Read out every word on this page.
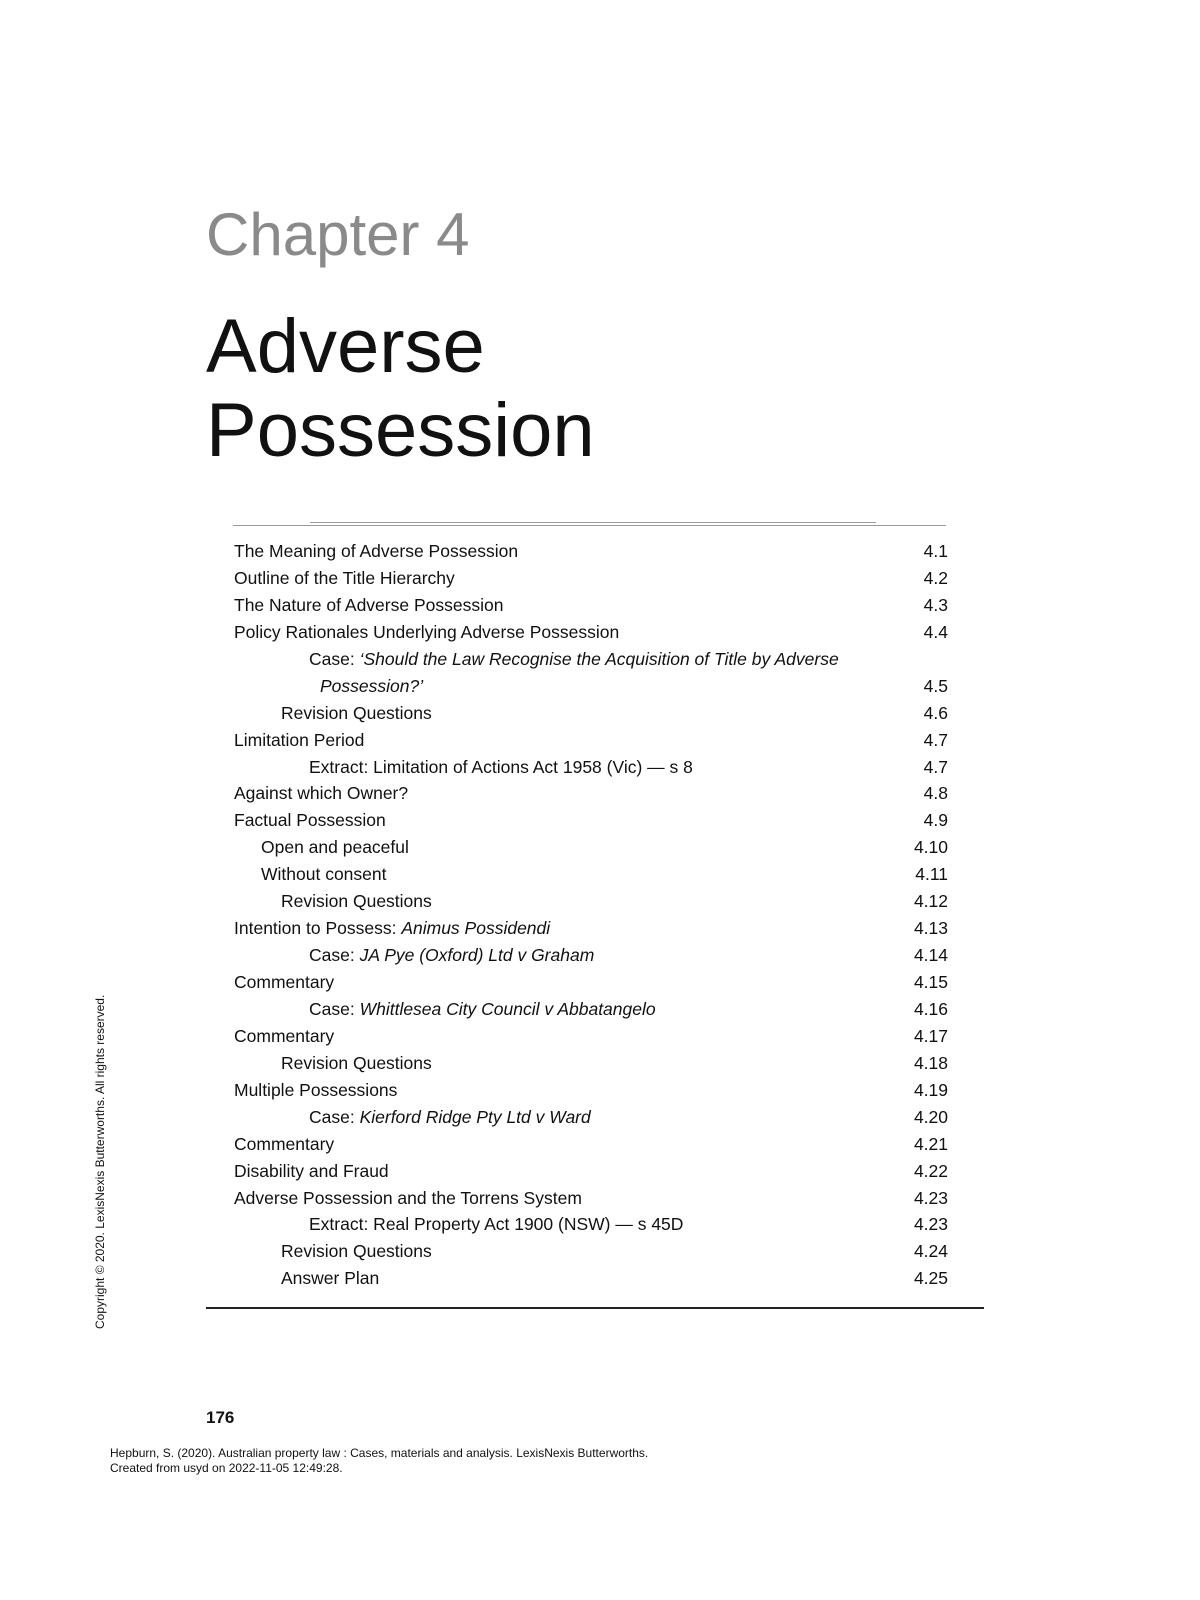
Chapter 4
Adverse
Possession
The Meaning of Adverse Possession	4.1
Outline of the Title Hierarchy	4.2
The Nature of Adverse Possession	4.3
Policy Rationales Underlying Adverse Possession	4.4
Case: ‘Should the Law Recognise the Acquisition of Title by Adverse
Possession?’	4.5
Revision Questions	4.6
Limitation Period	4.7
Extract: Limitation of Actions Act 1958 (Vic) — s 8	4.7
Against which Owner?	4.8
Factual Possession	4.9
Open and peaceful	4.10
Without consent	4.11
Revision Questions	4.12
Intention to Possess: Animus Possidendi	4.13
Case: JA Pye (Oxford) Ltd v Graham	4.14
Commentary	4.15
Case: Whittlesea City Council v Abbatangelo	4.16
Commentary	4.17
Revision Questions	4.18
Multiple Possessions	4.19
Case: Kierford Ridge Pty Ltd v Ward	4.20
Commentary	4.21
Disability and Fraud	4.22
Adverse Possession and the Torrens System	4.23
Extract: Real Property Act 1900 (NSW) — s 45D	4.23
Revision Questions	4.24
Answer Plan	4.25
Copyright © 2020. LexisNexis Butterworths. All rights reserved.
176
Hepburn, S. (2020). Australian property law : Cases, materials and analysis. LexisNexis Butterworths.
Created from usyd on 2022-11-05 12:49:28.
